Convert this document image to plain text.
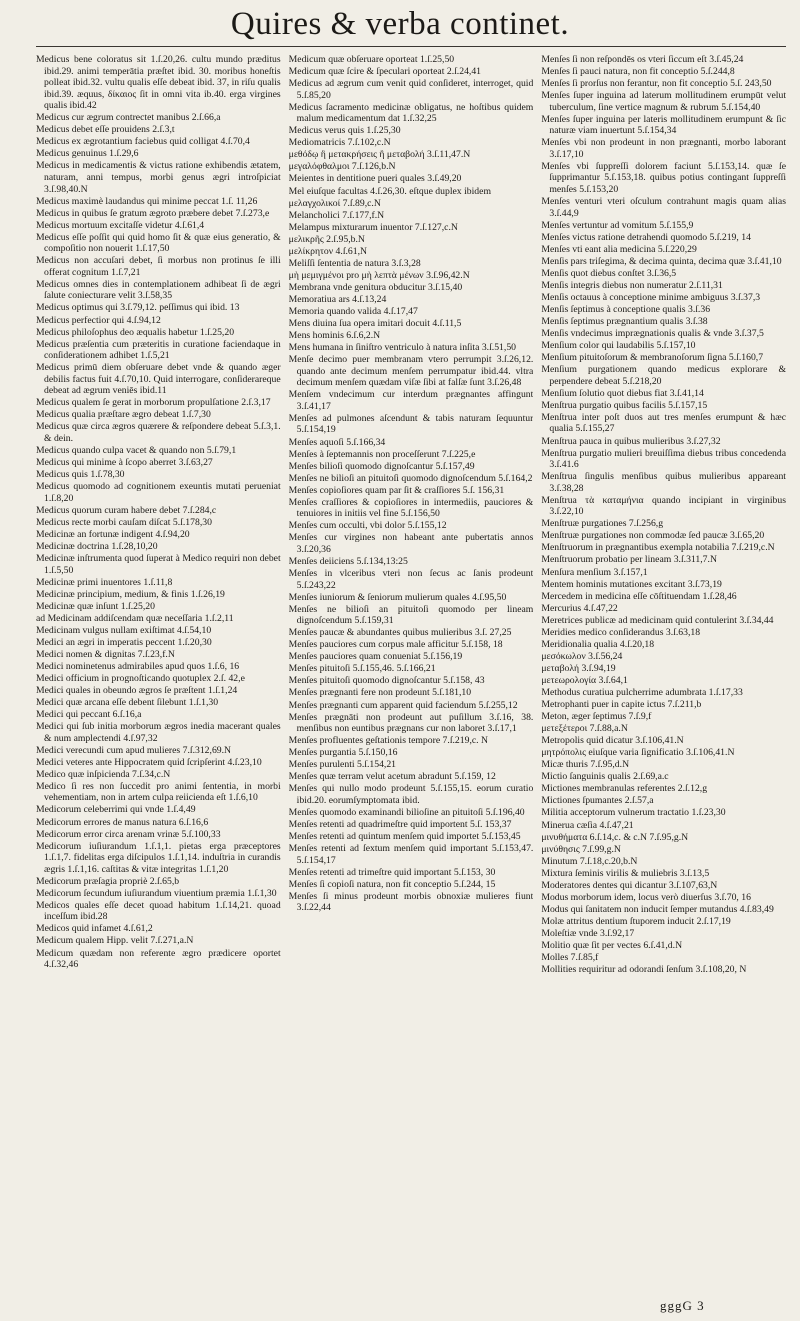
Quires & verba continet.
Medicus bene coloratus sit 1.ſ.20,26. cultu mundo præditus ibid.29. animi temperātia præſtet ibid. 30. moribus honeſtis polleat ibid.32. vultu qualis eſſe debeat ibid. 37, in riſu qualis ibid.39. æquus, δίκαιος ſit in omni vita ib.40. erga virgines qualis ibid.42
Medicus cur ægrum contrectet manibus 2.ſ.66,a
Medicus debet eſſe prouidens 2.ſ.3,t
Medicus ex ægrotantium faciebus quid colligat 4.ſ.70,4
Medicus genuinus 1.ſ.29,6
Medicus in medicamentis & victus ratione exhibendis ætatem, naturam, anni tempus, morbi genus ægri introſpiciat 3.ſ.98,40.N
Medicus maximè laudandus qui minime peccat 1.ſ. 11,26
Medicus in quibus ſe gratum ægroto præbere debet 7.ſ.273,e
Medicus mortuum excitaſſe videtur 4.ſ.61,4
Medicus eſſe poſſit qui quid homo ſit & quæ eius generatio, & compoſitio non nouerit 1.ſ.17,50
Medicus non accuſari debet, ſi morbus non protinus ſe illi offerat cognitum 1.ſ.7,21
Medicus omnes dies in contemplationem adhibeat ſi de ægri ſalute coniecturare velit 3.ſ.58,35
Medicus optimus qui 3.ſ.79,12. peſſimus qui ibid. 13
Medicus perfectior qui 4.ſ.94,12
Medicus philoſophus deo æqualis habetur 1.ſ.25,20
Medicus præſentia cum præteritis in curatione faciendaque in conſiderationem adhibet 1.ſ.5,21
Medicus primū diem obſeruare debet vnde & quando æger debilis factus fuit 4.ſ.70,10. Quid interrogare, conſiderareque debeat ad ægrum veniēs ibid.11
Medicus qualem ſe gerat in morborum propulſatione 2.ſ.3,17
Medicus qualia præſtare ægro debeat 1.ſ.7,30
Medicus quæ circa ægros quærere & reſpondere debeat 5.ſ.3,1. & dein.
Medicus quando culpa vacet & quando non 5.ſ.79,1
Medicus qui minime à ſcopo aberret 3.ſ.63,27
Medicus quis 1.ſ.78,30
Medicus quomodo ad cognitionem exeuntis mutati perueniat 1.ſ.8,20
Medicus quorum curam habere debet 7.ſ.284,c
Medicus recte morbi cauſam diſcat 5.ſ.178,30
Medicinæ an fortunæ indigent 4.ſ.94,20
Medicinæ doctrina 1.ſ.28,10,20
Medicinæ inſtrumenta quod ſuperat à Medico requiri non debet 1.ſ.5,50
Medicinæ primi inuentores 1.ſ.11,8
Medicinæ principium, medium, & finis 1.ſ.26,19
Medicinæ quæ inſunt 1.ſ.25,20
ad Medicinam addiſcendam quæ neceſſaria 1.ſ.2,11
Medicinam vulgus nullam exiſtimat 4.ſ.54,10
Medici an ægri in imperatis peccent 1.ſ.20,30
Medici nomen & dignitas 7.ſ.23,f.N
Medici nominetenus admirabiles apud quos 1.ſ.6, 16
Medici officium in prognoſticando quotuplex 2.ſ. 42,e
Medici quales in obeundo ægros ſe præſtent 1.ſ.1,24
Medici quæ arcana eſſe debent ſilebunt 1.ſ.1,30
Medici qui peccant 6.ſ.16,a
Medici qui ſub initia morborum ægros inedia macerant quales & num amplectendi 4.ſ.97,32
Medici verecundi cum apud mulieres 7.ſ.312,69.N
Medici veteres ante Hippocratem quid ſcripſerint 4.ſ.23,10
Medico quæ inſpicienda 7.ſ.34,c.N
Medico ſi res non ſuccedit pro animi ſententia, in morbi vehementiam, non in artem culpa reiicienda eſt 1.ſ.6,10
Medicorum celeberrimi qui vnde 1.ſ.4,49
Medicorum errores de manus natura 6.ſ.16,6
Medicorum error circa arenam vrinæ 5.ſ.100,33
Medicorum iuſiurandum 1.ſ.1,1. pietas erga præceptores 1.ſ.1,7. fidelitas erga diſcipulos 1.ſ.1,14. induſtria in curandis ægris 1.ſ.1,16. caſtitas & vitæ integritas 1.ſ.1,20
Medicorum præſagia propriè 2.ſ.65,b
Medicorum ſecundum iuſiurandum viuentium præmia 1.ſ.1,30
Medicos quales eſſe decet quoad habitum 1.ſ.14,21. quoad inceſſum ibid.28
Medicos quid infamet 4.ſ.61,2
Medicum qualem Hipp. velit 7.ſ.271,a.N
Medicum quædam non referente ægro prædicere oportet 4.ſ.32,46
Medicum quæ obſeruare oporteat 1.ſ.25,50
Medicum quæ ſcire & ſpeculari oporteat 2.ſ.24,41
Medicus ad ægrum cum venit quid conſideret, interroget, quid 5.ſ.85,20
Medicus ſacramento medicinæ obligatus, ne hoſtibus quidem malum medicamentum dat 1.ſ.32,25
Medicus verus quis 1.ſ.25,30
Mediomatricis 7.ſ.102,c.N
μεθόδῳ ἢ μετακρήσεις ἢ μεταβολή 3.ſ.11,47.N
μεγαλόφθαλμοι 7.ſ.126,b.N
Meientes in dentitione pueri quales 3.ſ.49,20
Mel eiuſque facultas 4.ſ.26,30. eſtque duplex ibidem
μελαγχολικοί 7.ſ.89,c.N
Melancholici 7.ſ.177,f.N
Melampus mixturarum inuentor 7.ſ.127,c.N
μελικρῆς 2.ſ.95,b.N
μελίκρητον 4.ſ.61,N
Meliſſi ſententia de natura 3.ſ.3,28
μὴ μεμιγμένοι pro μὴ λεπτὰ μένων 3.ſ.96,42.N
Membrana vnde genitura obducitur 3.ſ.15,40
Memoratiua ars 4.ſ.13,24
Memoria quando valida 4.ſ.17,47
Mens diuina ſua opera imitari docuit 4.ſ.11,5
Mens hominis 6.ſ.6,2.N
Mens humana in ſiniſtro ventriculo à natura inſita 3.ſ.51,50
Menſe decimo puer membranam vtero perrumpit 3.ſ.26,12. quando ante decimum menſem perrumpatur ibid.44. vltra decimum menſem quædam viſæ ſibi at falſæ ſunt 3.ſ.26,48
Menſem vndecimum cur interdum prægnantes affingunt 3.ſ.41,17
Menſes ad pulmones aſcendunt & tabis naturam ſequuntur 5.ſ.154,19
Menſes aquoſi 5.ſ.166,34
Menſes à ſeptemannis non proceſſerunt 7.ſ.225,e
Menſes bilioſi quomodo dignoſcantur 5.ſ.157,49
Menſes ne bilioſi an pituitoſi quomodo dignoſcendum 5.ſ.164,2
Menſes copioſiores quam par ſit & craſſiores 5.ſ. 156,31
Menſes craſſiores & copioſiores in intermediis, pauciores & tenuiores in initiis vel fine 5.ſ.156,50
Menſes cum occulti, vbi dolor 5.ſ.155,12
Menſes cur virgines non habeant ante pubertatis annos 3.ſ.20,36
Menſes deiiciens 5.ſ.134,13:25
Menſes in vlceribus vteri non ſecus ac ſanis prodeunt 5.ſ.243,22
Menſes iuniorum & ſeniorum mulierum quales 4.ſ.95,50
Menſes ne bilioſi an pituitoſi quomodo per lineam dignoſcendum 5.ſ.159,31
Menſes paucæ & abundantes quibus mulieribus 3.ſ. 27,25
Menſes pauciores cum corpus male afficitur 5.ſ.158, 18
Menſes pauciores quam conueniat 5.ſ.156,19
Menſes pituitoſi 5.ſ.155,46. 5.ſ.166,21
Menſes pituitoſi quomodo dignoſcantur 5.ſ.158, 43
Menſes prægnanti fere non prodeunt 5.ſ.181,10
Menſes prægnanti cum apparent quid faciendum 5.ſ.255,12
Menſes prægnāti non prodeunt aut puſillum 3.ſ.16, 38. menſibus non euntibus prægnans cur non laboret 3.ſ.17,1
Menſes profluentes geſtationis tempore 7.ſ.219,c. N
Menſes purgantia 5.ſ.150,16
Menſes purulenti 5.ſ.154,21
Menſes quæ terram velut acetum abradunt 5.ſ.159, 12
Menſes qui nullo modo prodeunt 5.ſ.155,15. eorum curatio ibid.20. eorumſymptomata ibid.
Menſes quomodo examinandi bilioſine an pituitoſi 5.ſ.196,40
Menſes retenti ad quadrimeſtre quid importent 5.ſ. 153,37
Menſes retenti ad quintum menſem quid importet 5.ſ.153,45
Menſes retenti ad ſextum menſem quid important 5.ſ.153,47. 5.ſ.154,17
Menſes retenti ad trimeſtre quid important 5.ſ.153, 30
Menſes ſi copioſi natura, non fit conceptio 5.ſ.244, 15
Menſes ſi minus prodeunt morbis obnoxiæ mulieres fiunt 3.ſ.22,44
Menſes ſi non reſpondēs os vteri ſiccum eſt 3.ſ.45,24
Menſes ſi pauci natura, non fit conceptio 5.ſ.244,8
Menſes ſi prorſus non ferantur, non fit conceptio 5.ſ. 243,50
Menſes ſuper inguina ad laterum mollitudinem erumpūt velut tuberculum, ſine vertice magnum & rubrum 5.ſ.154,40
Menſes ſuper inguina per lateris mollitudinem erumpunt & ſic naturæ viam inuertunt 5.ſ.154,34
Menſes vbi non prodeunt in non prægnanti, morbo laborant 3.ſ.17,10
Menſes vbi ſuppreſſi dolorem faciunt 5.ſ.153,14. quæ ſe ſupprimantur 5.ſ.153,18. quibus potius contingant ſuppreſſi menſes 5.ſ.153,20
Menſes venturi vteri oſculum contrahunt magis quam alias 3.ſ.44,9
Menſes vertuntur ad vomitum 5.ſ.155,9
Menſes victus ratione detrahendi quomodo 5.ſ.219, 14
Menſes vti eant alia medicina 5.ſ.220,29
Menſis pars triſegima, & decima quinta, decima quæ 3.ſ.41,10
Menſis quot diebus conſtet 3.ſ.36,5
Menſis integris diebus non numeratur 2.ſ.11,31
Menſis octauus à conceptione minime ambiguus 3.ſ.37,3
Menſis ſeptimus à conceptione qualis 3.ſ.36
Menſis ſeptimus prægnantium qualis 3.ſ.38
Menſis vndecimus imprægnationis qualis & vnde 3.ſ.37,5
Menſium color qui laudabilis 5.ſ.157,10
Menſium pituitoſorum & membranoſorum ſigna 5.ſ.160,7
Menſium purgationem quando medicus explorare & perpendere debeat 5.ſ.218,20
Menſium ſolutio quot diebus fiat 3.ſ.41,14
Menſtrua purgatio quibus facilis 5.ſ.157,15
Menſtrua inter poſt duos aut tres menſes erumpunt & hæc qualia 5.ſ.155,27
Menſtrua pauca in quibus mulieribus 3.ſ.27,32
Menſtrua purgatio mulieri breuiſſima diebus tribus concedenda 3.ſ.41.6
Menſtrua ſingulis menſibus quibus mulieribus appareant 3.ſ.38,28
Menſtrua τὰ καταμήνια quando incipiant in virginibus 3.ſ.22,10
Menſtruæ purgationes 7.ſ.256,g
Menſtruæ purgationes non commodæ ſed paucæ 3.ſ.65,20
Menſtruorum in prægnantibus exempla notabilia 7.ſ.219,c.N
Menſtruorum probatio per lineam 3.ſ.311,7.N
Menſura menſium 3.ſ.157,1
Mentem hominis mutationes excitant 3.ſ.73,19
Mercedem in medicina eſſe cōſtituendam 1.ſ.28,46
Mercurius 4.ſ.47,22
Meretrices publicæ ad medicinam quid contulerint 3.ſ.34,44
Meridies medico conſiderandus 3.ſ.63,18
Meridionalia qualia 4.ſ.20,18
μεσόκωλον 3.ſ.56,24
μεταβολή 3.ſ.94,19
μετεωρολογία 3.ſ.64,1
Methodus curatiua pulcherrime adumbrata 1.ſ.17,33
Metrophanti puer in capite ictus 7.ſ.211,b
Meton, æger ſeptimus 7.ſ.9,f
μετεξέτεροι 7.ſ.88,a.N
Metropolis quid dicatur 3.ſ.106,41.N
μητρόπολις eiuſque varia ſignificatio 3.ſ.106,41.N
Micæ thuris 7.ſ.95,d.N
Mictio ſanguinis qualis 2.ſ.69,a.c
Mictiones membranulas referentes 2.ſ.12,g
Mictiones ſpumantes 2.ſ.57,a
Militia acceptorum vulnerum tractatio 1.ſ.23,30
Minerua cæſia 4.ſ.47,21
μινυθήματα 6.ſ.14,c. & c.N 7.ſ.95,g.N
μινύθησις 7.ſ.99,g.N
Minutum 7.ſ.18,c.20,b.N
Mixtura ſeminis virilis & muliebris 3.ſ.13,5
Moderatores dentes qui dicantur 3.ſ.107,63,N
Modus morborum idem, locus verò diuerſus 3.ſ.70, 16
Modus qui ſanitatem non inducit ſemper mutandus 4.ſ.83,49
Molæ attritus dentium ſtuporem inducit 2.ſ.17,19
Moleſtiæ vnde 3.ſ.92,17
Molitio quæ ſit per vectes 6.ſ.41,d.N
Molles 7.ſ.85,f
Mollities requiritur ad odorandi ſenſum 3.ſ.108,20, N
gggG 3
